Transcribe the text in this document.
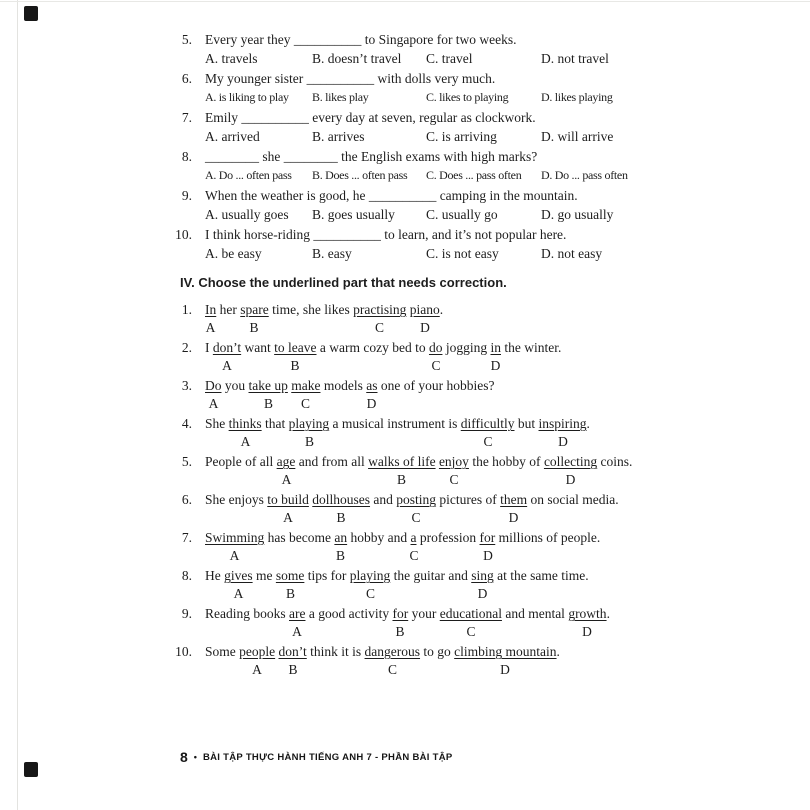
5. Every year they __________ to Singapore for two weeks.
A. travels	B. doesn’t travel	C. travel	D. not travel
6. My younger sister __________ with dolls very much.
A. is liking to play	B. likes play	C. likes to playing	D. likes playing
7. Emily __________ every day at seven, regular as clockwork.
A. arrived	B. arrives	C. is arriving	D. will arrive
8. ________ she ________ the English exams with high marks?
A. Do ... often pass	B. Does ... often pass	C. Does ... pass often	D. Do ... pass often
9. When the weather is good, he __________ camping in the mountain.
A. usually goes	B. goes usually	C. usually go	D. go usually
10. I think horse-riding __________ to learn, and it’s not popular here.
A. be easy	B. easy	C. is not easy	D. not easy
IV. Choose the underlined part that needs correction.
1. In her spare time, she likes practising piano.
A	B	C	D
2. I don’t want to leave a warm cozy bed to do jogging in the winter.
A	B	C	D
3. Do you take up make models as one of your hobbies?
A	B C	D
4. She thinks that playing a musical instrument is difficultly but inspiring.
A	B	C	D
5. People of all age and from all walks of life enjoy the hobby of collecting coins.
A	B	C	D
6. She enjoys to build dollhouses and posting pictures of them on social media.
A	B	C	D
7. Swimming has become an hobby and a profession for millions of people.
A	B	C	D
8. He gives me some tips for playing the guitar and sing at the same time.
A	B	C	D
9. Reading books are a good activity for your educational and mental growth.
A	B	C	D
10. Some people don’t think it is dangerous to go climbing mountain.
A B	C	D
8 • BÀI TẬP THỰC HÀNH TIẾNG ANH 7 - PHẦN BÀI TẬP
